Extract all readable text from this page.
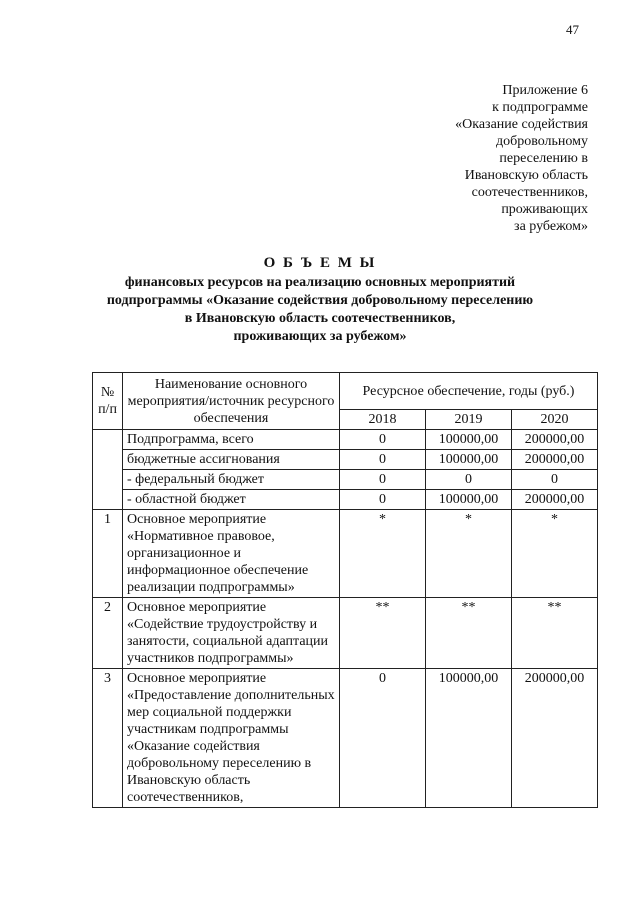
47
Приложение 6
к подпрограмме
«Оказание содействия
добровольному
переселению в
Ивановскую область
соотечественников,
проживающих
за рубежом»
О Б Ъ Е М Ы
финансовых ресурсов на реализацию основных мероприятий
подпрограммы «Оказание содействия добровольному переселению
в Ивановскую область соотечественников,
проживающих за рубежом»
№ п/п	Наименование основного мероприятия/источник ресурсного обеспечения	Ресурсное обеспечение, годы (руб.)		
		2018	2019	2020
	Подпрограмма, всего	0	100000,00	200000,00
	бюджетные ассигнования	0	100000,00	200000,00
	- федеральный бюджет	0	0	0
	- областной бюджет	0	100000,00	200000,00
1	Основное мероприятие «Нормативное правовое, организационное и информационное обеспечение реализации подпрограммы»	*	*	*
2	Основное мероприятие «Содействие трудоустройству и занятости, социальной адаптации участников подпрограммы»	**	**	**
3	Основное мероприятие «Предоставление дополнительных мер социальной поддержки участникам подпрограммы «Оказание содействия добровольному переселению в Ивановскую область соотечественников,	0	100000,00	200000,00
